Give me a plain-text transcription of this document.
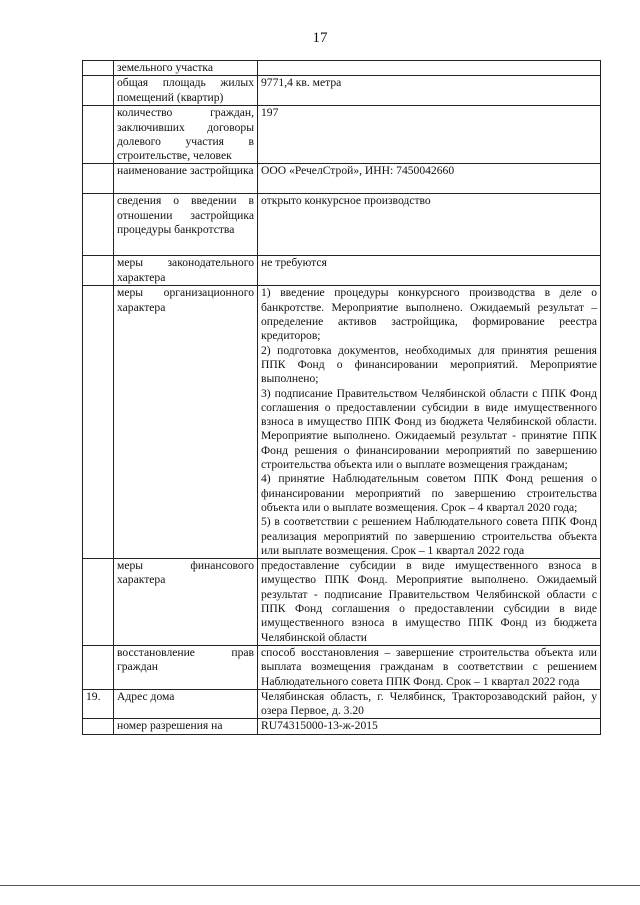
17
	земельного участка	
	общая площадь жилых помещений (квартир)	9771,4 кв. метра

	количество граждан, заключивших договоры долевого участия в строительстве, человек	197

	наименование застройщика	ООО «РечелСтрой», ИНН: 7450042660

	сведения о введении в отношении застройщика процедуры банкротства	открыто конкурсное производство

	меры законодательного характера	не требуются

	меры организационного характера	1) введение процедуры конкурсного производства в деле о банкротстве. Мероприятие выполнено. Ожидаемый результат – определение активов застройщика, формирование реестра кредиторов;
2) подготовка документов, необходимых для принятия решения ППК Фонд о финансировании мероприятий. Мероприятие выполнено;
3) подписание Правительством Челябинской области с ППК Фонд соглашения о предоставлении субсидии в виде имущественного взноса в имущество ППК Фонд из бюджета Челябинской области. Мероприятие выполнено. Ожидаемый результат - принятие ППК Фонд решения о финансировании мероприятий по завершению строительства объекта или о выплате возмещения гражданам;
4) принятие Наблюдательным советом ППК Фонд решения о финансировании мероприятий по завершению строительства объекта или о выплате возмещения. Срок – 4 квартал 2020 года;
5) в соответствии с решением Наблюдательного совета ППК Фонд реализация мероприятий по завершению строительства объекта или выплате возмещения. Срок – 1 квартал 2022 года

	меры финансового характера	предоставление субсидии в виде имущественного взноса в имущество ППК Фонд. Мероприятие выполнено. Ожидаемый результат - подписание Правительством Челябинской области с ППК Фонд соглашения о предоставлении субсидии в виде имущественного взноса в имущество ППК Фонд из бюджета Челябинской области

	восстановление прав граждан	способ восстановления – завершение строительства объекта или выплата возмещения гражданам в соответствии с решением Наблюдательного совета ППК Фонд. Срок – 1 квартал 2022 года

19.	Адрес дома	Челябинская область, г. Челябинск, Тракторозаводский район, у озера Первое, д. 3.20

	номер разрешения на	RU74315000-13-ж-2015
